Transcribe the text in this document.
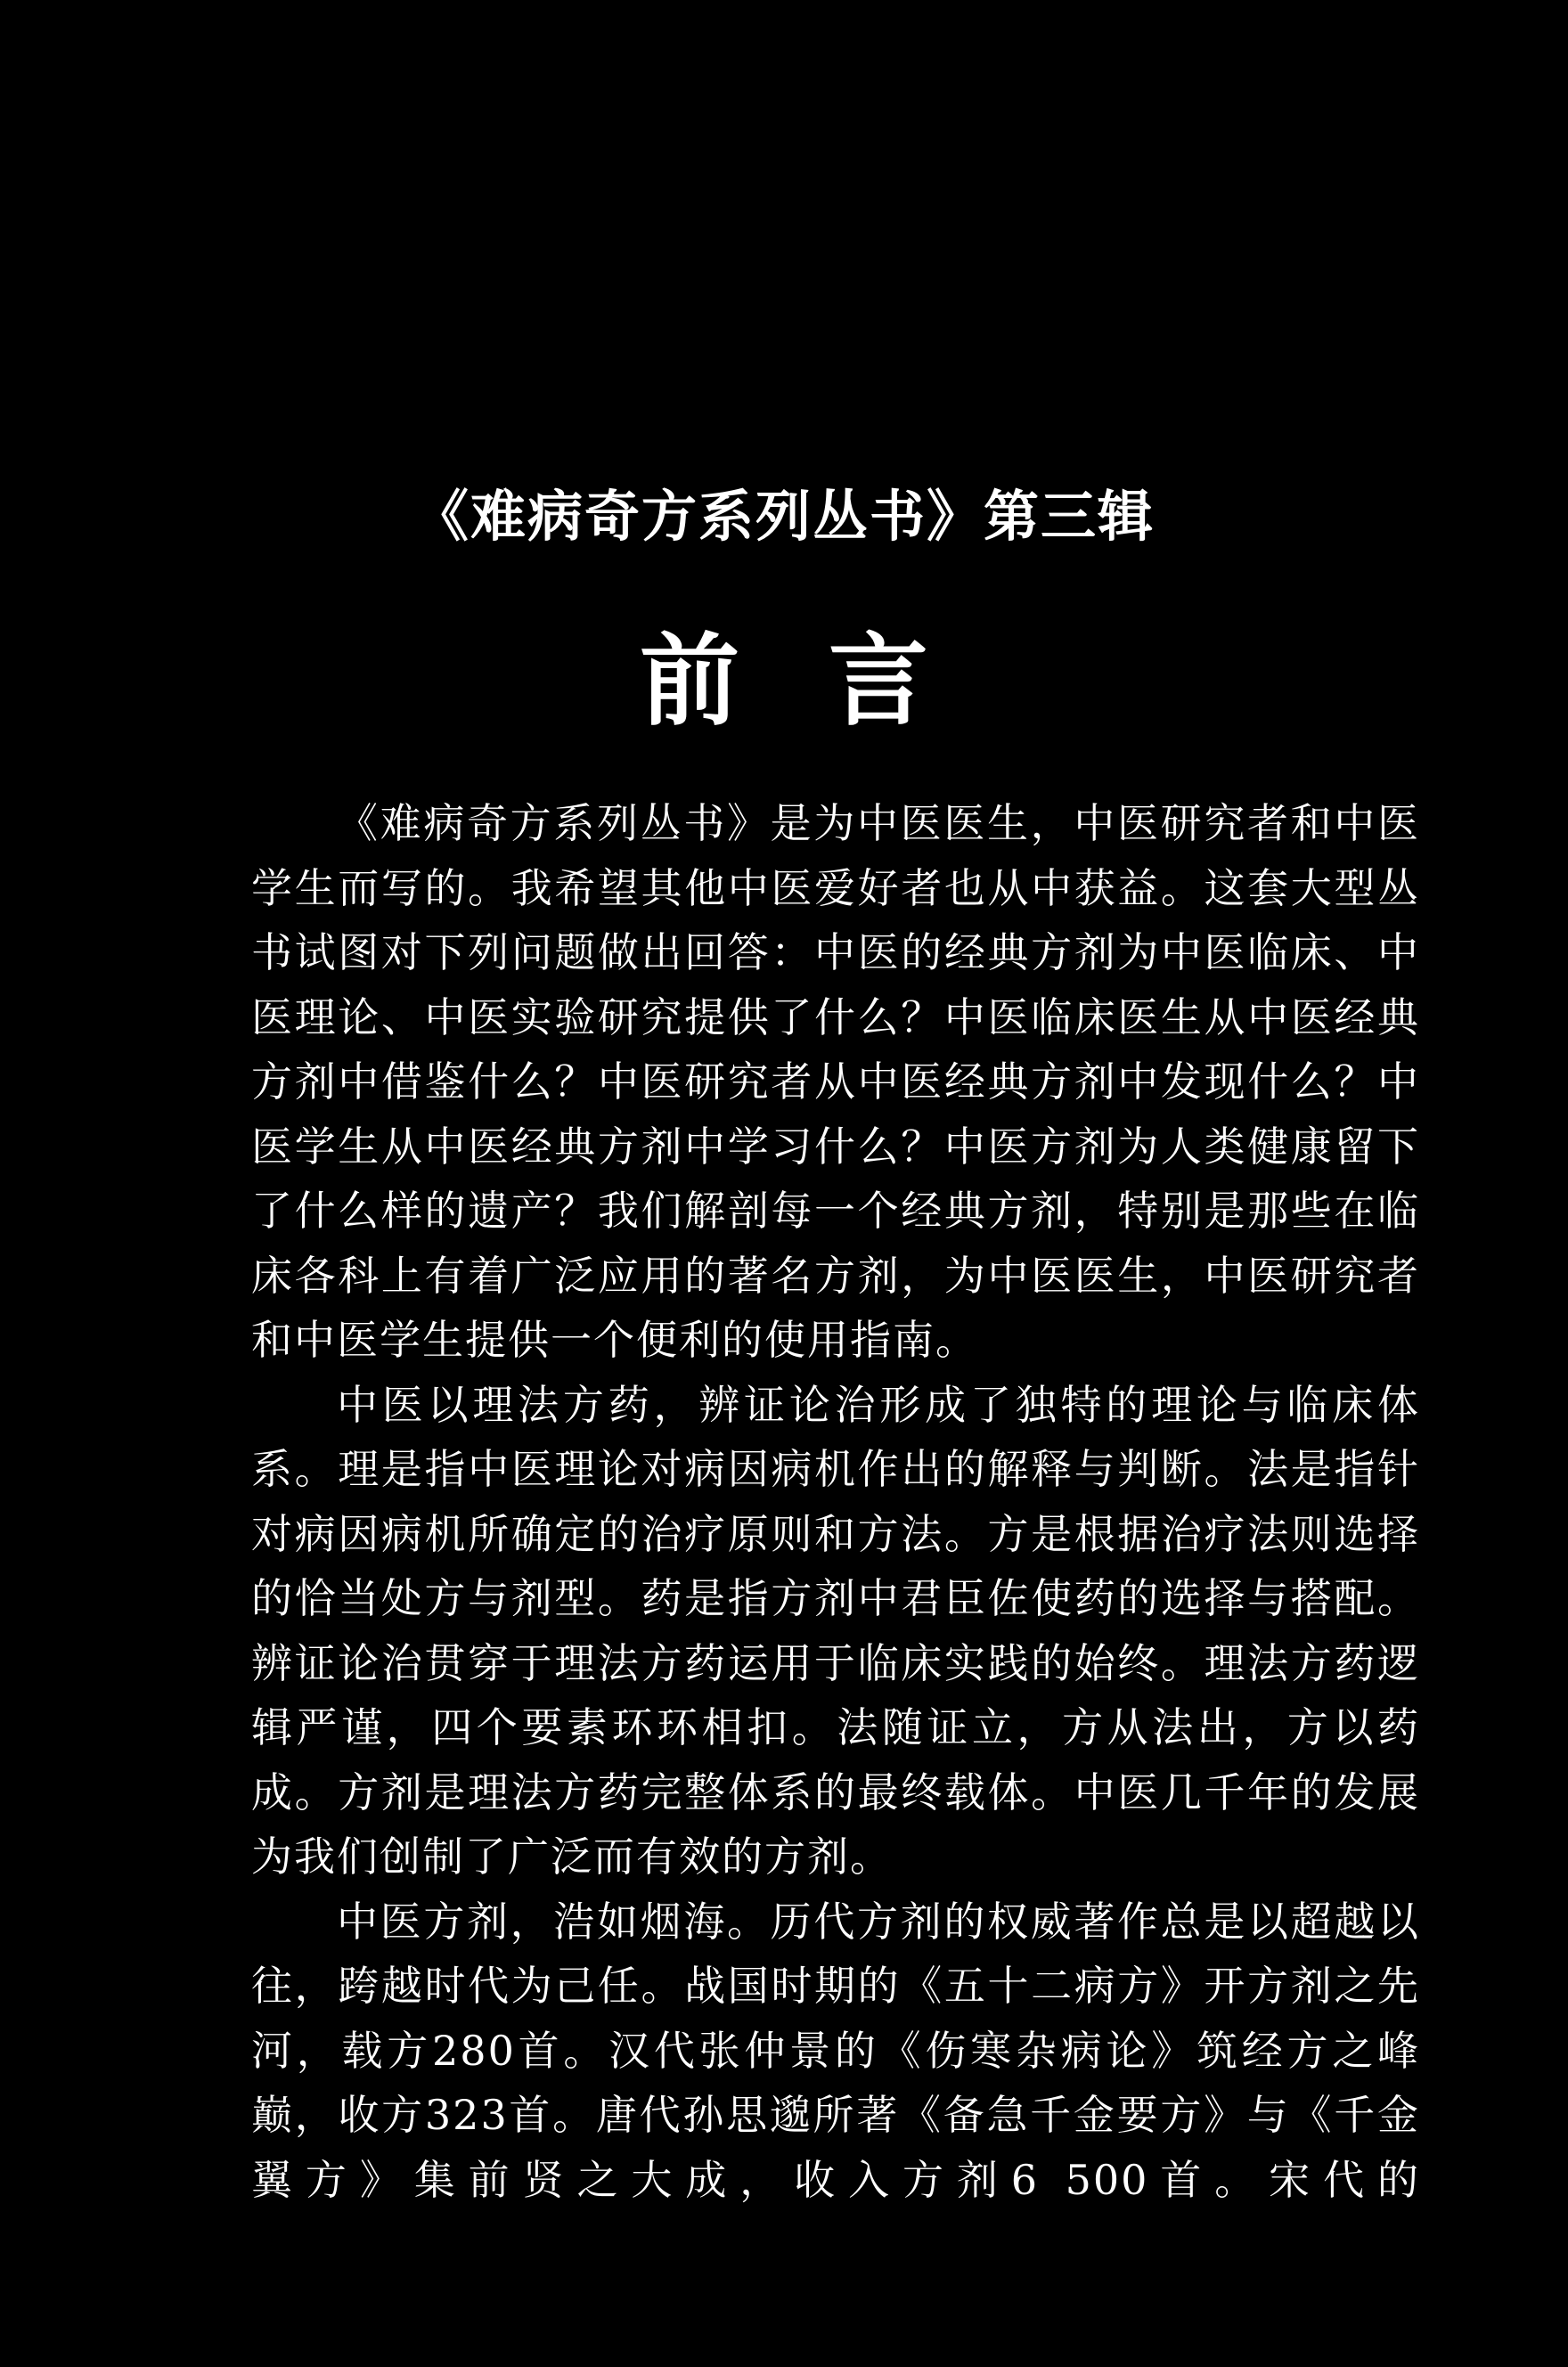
《难病奇方系列丛书》第三辑
前言

《难病奇方系列丛书》是为中医医生，中医研究者和中医学生而写的。我希望其他中医爱好者也从中获益。这套大型丛书试图对下列问题做出回答：中医的经典方剂为中医临床、中医理论、中医实验研究提供了什么？中医临床医生从中医经典方剂中借鉴什么？中医研究者从中医经典方剂中发现什么？中医学生从中医经典方剂中学习什么？中医方剂为人类健康留下了什么样的遗产？我们解剖每一个经典方剂，特别是那些在临床各科上有着广泛应用的著名方剂，为中医医生，中医研究者和中医学生提供一个便利的使用指南。

中医以理法方药，辨证论治形成了独特的理论与临床体系。理是指中医理论对病因病机作出的解释与判断。法是指针对病因病机所确定的治疗原则和方法。方是根据治疗法则选择的恰当处方与剂型。药是指方剂中君臣佐使药的选择与搭配。辨证论治贯穿于理法方药运用于临床实践的始终。理法方药逻辑严谨，四个要素环环相扣。法随证立，方从法出，方以药成。方剂是理法方药完整体系的最终载体。中医几千年的发展为我们创制了广泛而有效的方剂。

中医方剂，浩如烟海。历代方剂的权威著作总是以超越以往，跨越时代为己任。战国时期的《五十二病方》开方剂之先河，载方280首。汉代张仲景的《伤寒杂病论》筑经方之峰巅，收方323首。唐代孙思邈所著《备急千金要方》与《千金翼方》集前贤之大成，收入方剂6 500首。宋代的
